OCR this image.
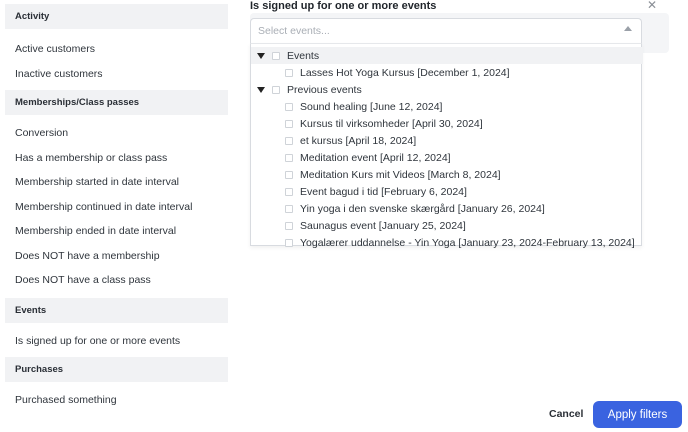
Activity
Active customers
Inactive customers
Memberships/Class passes
Conversion
Has a membership or class pass
Membership started in date interval
Membership continued in date interval
Membership ended in date interval
Does NOT have a membership
Does NOT have a class pass
Events
Is signed up for one or more events
Purchases
Purchased something
Is signed up for one or more events	✕
Select events...
Events
Lasses Hot Yoga Kursus [December 1, 2024]
Previous events
Sound healing [June 12, 2024]
Kursus til virksomheder [April 30, 2024]
et kursus [April 18, 2024]
Meditation event [April 12, 2024]
Meditation Kurs mit Videos [March 8, 2024]
Event bagud i tid [February 6, 2024]
Yin yoga i den svenske skærgård [January 26, 2024]
Saunagus event [January 25, 2024]
Yogalærer uddannelse - Yin Yoga [January 23, 2024-February 13, 2024]
Cancel	Apply filters
